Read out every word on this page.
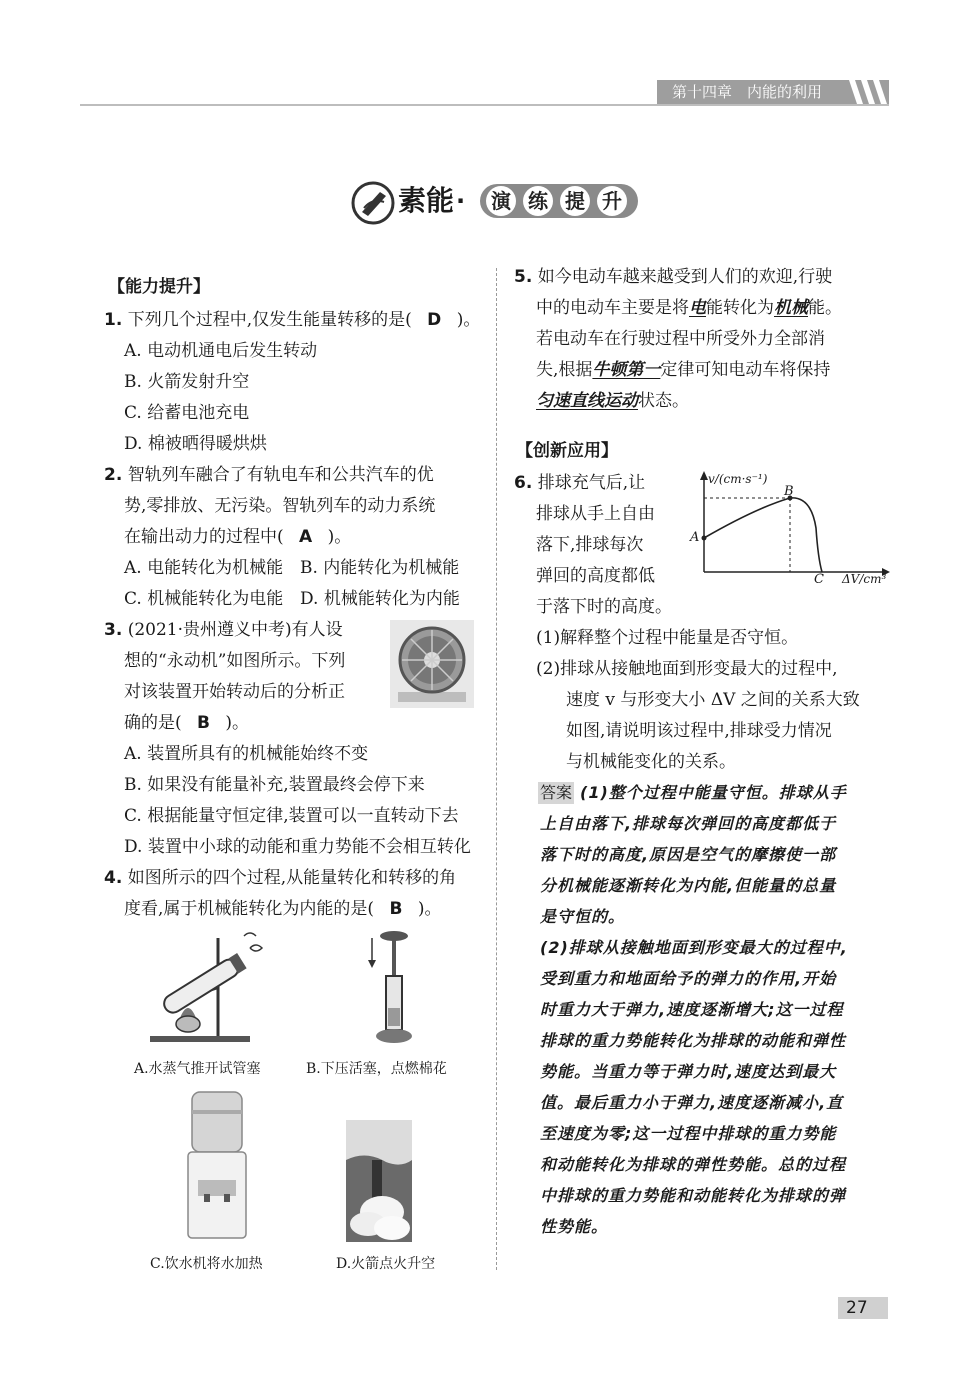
第十四章　内能的利用
素能 · 演 练 提 升
【能力提升】
1. 下列几个过程中,仅发生能量转移的是( D )。
A. 电动机通电后发生转动
B. 火箭发射升空
C. 给蓄电池充电
D. 棉被晒得暖烘烘
2. 智轨列车融合了有轨电车和公共汽车的优
势,零排放、无污染。智轨列车的动力系统
在输出动力的过程中( A )。
A. 电能转化为机械能 B. 内能转化为机械能
C. 机械能转化为电能 D. 机械能转化为内能
3. (2021·贵州遵义中考)有人设
想的“永动机”如图所示。下列
对该装置开始转动后的分析正
确的是( B )。
A. 装置所具有的机械能始终不变
B. 如果没有能量补充,装置最终会停下来
C. 根据能量守恒定律,装置可以一直转动下去
D. 装置中小球的动能和重力势能不会相互转化
4. 如图所示的四个过程,从能量转化和转移的角
度看,属于机械能转化为内能的是( B )。
A.水蒸气推开试管塞	B.下压活塞，点燃棉花
C.饮水机将水加热	D.火箭点火升空
5. 如今电动车越来越受到人们的欢迎,行驶
中的电动车主要是将电能转化为机械能。
若电动车在行驶过程中所受外力全部消
失,根据牛顿第一定律可知电动车将保持
匀速直线运动状态。
【创新应用】
6. 排球充气后,让
排球从手上自由
落下,排球每次
弹回的高度都低
于落下时的高度。
v/(cm·s⁻¹)
ΔV/cm³
A
B
C
(1)解释整个过程中能量是否守恒。
(2)排球从接触地面到形变最大的过程中,
速度 v 与形变大小 ΔV 之间的关系大致
如图,请说明该过程中,排球受力情况
与机械能变化的关系。
答案 (1)整个过程中能量守恒。排球从手
上自由落下,排球每次弹回的高度都低于
落下时的高度,原因是空气的摩擦使一部
分机械能逐渐转化为内能,但能量的总量
是守恒的。
(2)排球从接触地面到形变最大的过程中,
受到重力和地面给予的弹力的作用,开始
时重力大于弹力,速度逐渐增大;这一过程
排球的重力势能转化为排球的动能和弹性
势能。当重力等于弹力时,速度达到最大
值。最后重力小于弹力,速度逐渐减小,直
至速度为零;这一过程中排球的重力势能
和动能转化为排球的弹性势能。总的过程
中排球的重力势能和动能转化为排球的弹
性势能。
27
